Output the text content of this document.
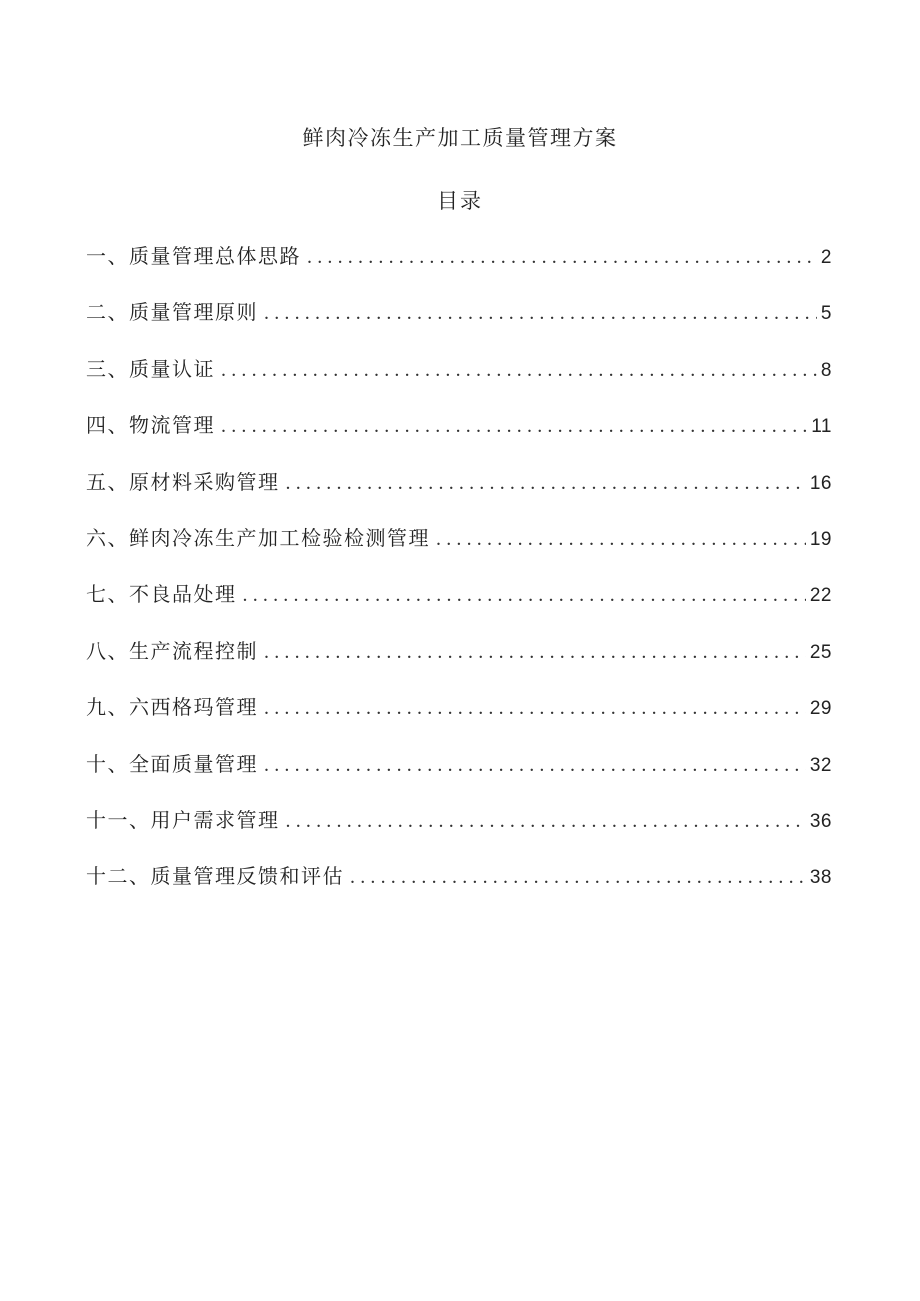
鲜肉冷冻生产加工质量管理方案
目录
一、质量管理总体思路 .....	2
二、质量管理原则 .....	5
三、质量认证 .....	8
四、物流管理 .....	11
五、原材料采购管理 .....	16
六、鲜肉冷冻生产加工检验检测管理 .....	19
七、不良品处理 .....	22
八、生产流程控制 .....	25
九、六西格玛管理 .....	29
十、全面质量管理 .....	32
十一、用户需求管理 .....	36
十二、质量管理反馈和评估 .....	38
